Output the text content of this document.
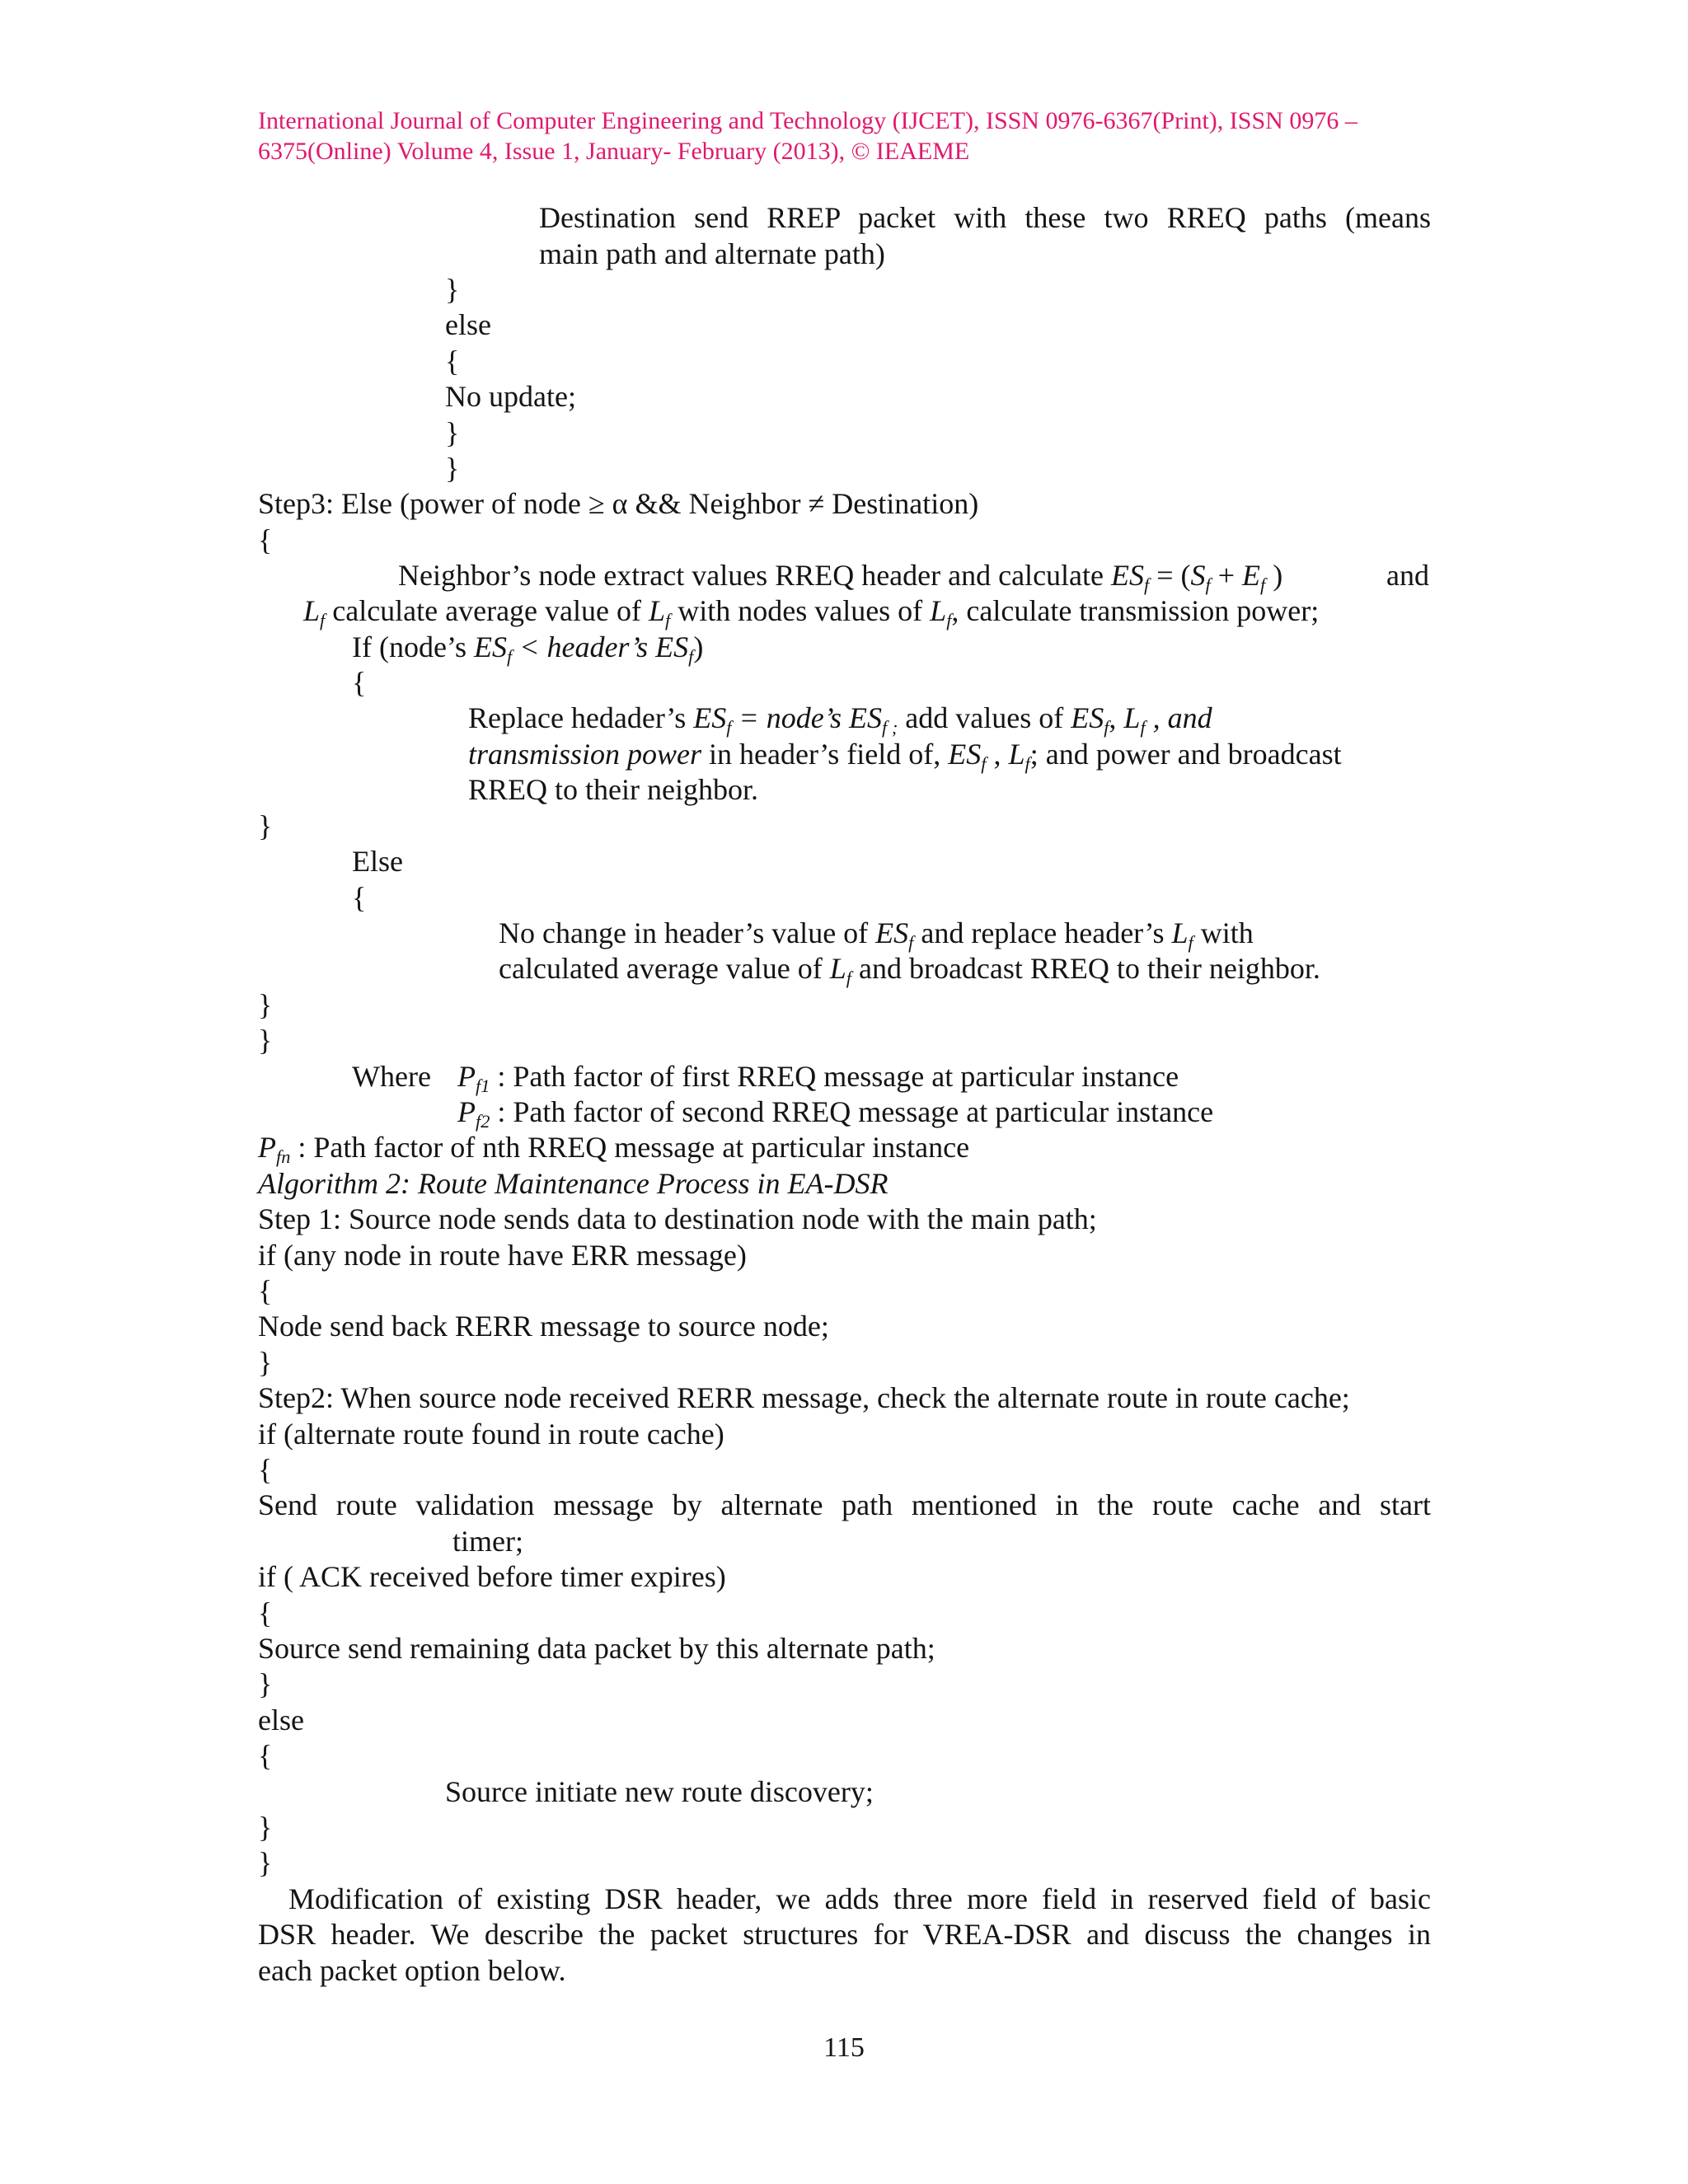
International Journal of Computer Engineering and Technology (IJCET), ISSN 0976-6367(Print), ISSN 0976 –
6375(Online) Volume 4, Issue 1, January- February (2013), © IEAEME
Destination send RREP packet with these two RREQ paths (means
main path and alternate path)
}
else
{
No update;
}
}
Step3: Else (power of node ≥ α && Neighbor ≠ Destination)
{
Neighbor’s node extract values RREQ header and calculate $ES_f = (S_f + E_f$ )	and
$L_f$ calculate average value of $L_f$ with nodes values of $L_f$, calculate transmission power;
If (node’s $ES_f$ < header’s $ES_f$)
{
Replace hedader’s $ES_f$ = node’s $ES_f$ $_;$ add values of $ES_f$, $L_f$ , and
transmission power in header’s field of, $ES_f$ , $L_f$; and power and broadcast
RREQ to their neighbor.
}
Else
{
No change in header’s value of $ES_f$ and replace header’s $L_f$ with
calculated average value of $L_f$ and broadcast RREQ to their neighbor.
}
}
Where $P_{f1}$ : Path factor of first RREQ message at particular instance
$P_{f2}$ : Path factor of second RREQ message at particular instance
$P_{fn}$ : Path factor of nth RREQ message at particular instance
Algorithm 2: Route Maintenance Process in EA-DSR
Step 1: Source node sends data to destination node with the main path;
if (any node in route have ERR message)
{
Node send back RERR message to source node;
}
Step2: When source node received RERR message, check the alternate route in route cache;
if (alternate route found in route cache)
{
Send route validation message by alternate path mentioned in the route cache and start
timer;
if ( ACK received before timer expires)
{
Source send remaining data packet by this alternate path;
}
else
{
Source initiate new route discovery;
}
}
Modification of existing DSR header, we adds three more field in reserved field of basic
DSR header. We describe the packet structures for VREA-DSR and discuss the changes in
each packet option below.
115
